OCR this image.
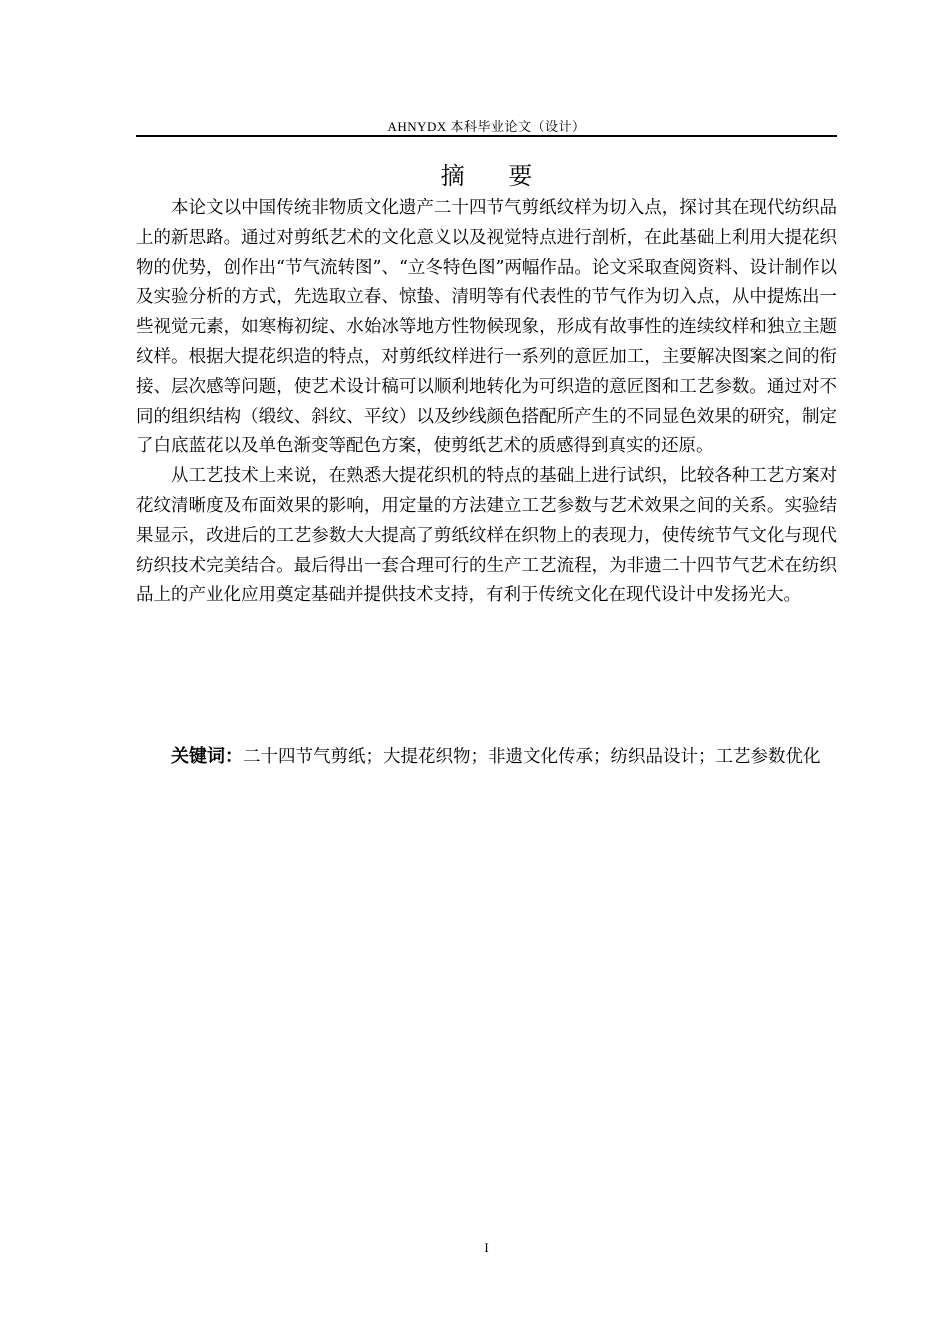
AHNYDX 本科毕业论文（设计）
摘 要

本论文以中国传统非物质文化遗产二十四节气剪纸纹样为切入点，探讨其在现代纺织品上的新思路。通过对剪纸艺术的文化意义以及视觉特点进行剖析，在此基础上利用大提花织物的优势，创作出“节气流转图”、“立冬特色图”两幅作品。论文采取查阅资料、设计制作以及实验分析的方式，先选取立春、惊蛰、清明等有代表性的节气作为切入点，从中提炼出一些视觉元素，如寒梅初绽、水始冰等地方性物候现象，形成有故事性的连续纹样和独立主题纹样。根据大提花织造的特点，对剪纸纹样进行一系列的意匠加工，主要解决图案之间的衔接、层次感等问题，使艺术设计稿可以顺利地转化为可织造的意匠图和工艺参数。通过对不同的组织结构（缎纹、斜纹、平纹）以及纱线颜色搭配所产生的不同显色效果的研究，制定了白底蓝花以及单色渐变等配色方案，使剪纸艺术的质感得到真实的还原。

从工艺技术上来说，在熟悉大提花织机的特点的基础上进行试织，比较各种工艺方案对花纹清晰度及布面效果的影响，用定量的方法建立工艺参数与艺术效果之间的关系。实验结果显示，改进后的工艺参数大大提高了剪纸纹样在织物上的表现力，使传统节气文化与现代纺织技术完美结合。最后得出一套合理可行的生产工艺流程，为非遗二十四节气艺术在纺织品上的产业化应用奠定基础并提供技术支持，有利于传统文化在现代设计中发扬光大。

关键词：二十四节气剪纸；大提花织物；非遗文化传承；纺织品设计；工艺参数优化

I
